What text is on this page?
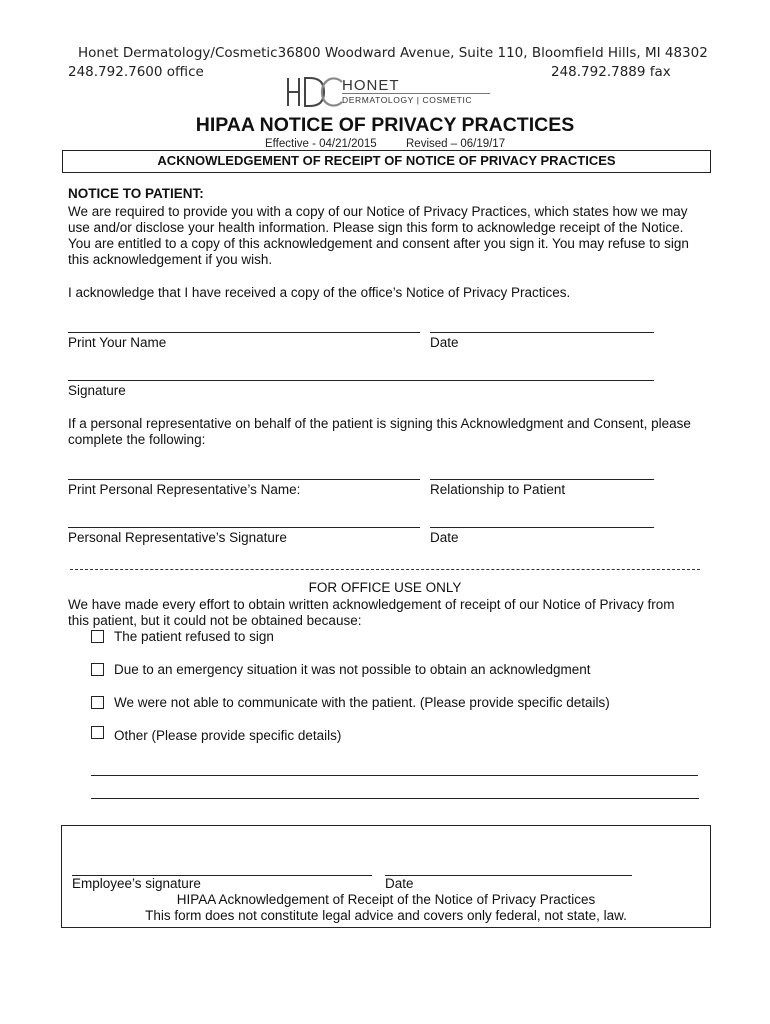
Honet Dermatology/Cosmetic36800 Woodward Avenue, Suite 110, Bloomfield Hills, MI 48302
248.792.7600 office	248.792.7889 fax
HONET
DERMATOLOGY | COSMETIC
HIPAA NOTICE OF PRIVACY PRACTICES
Effective - 04/21/2015	Revised – 06/19/17
ACKNOWLEDGEMENT OF RECEIPT OF NOTICE OF PRIVACY PRACTICES
NOTICE TO PATIENT:
We are required to provide you with a copy of our Notice of Privacy Practices, which states how we may
use and/or disclose your health information. Please sign this form to acknowledge receipt of the Notice.
You are entitled to a copy of this acknowledgement and consent after you sign it. You may refuse to sign
this acknowledgement if you wish.
I acknowledge that I have received a copy of the office’s Notice of Privacy Practices.
Print Your Name	Date
Signature
If a personal representative on behalf of the patient is signing this Acknowledgment and Consent, please
complete the following:
Print Personal Representative’s Name:	Relationship to Patient
Personal Representative’s Signature	Date
FOR OFFICE USE ONLY
We have made every effort to obtain written acknowledgement of receipt of our Notice of Privacy from
this patient, but it could not be obtained because:
The patient refused to sign
Due to an emergency situation it was not possible to obtain an acknowledgment
We were not able to communicate with the patient. (Please provide specific details)
Other (Please provide specific details)
Employee’s signature	Date
HIPAA Acknowledgement of Receipt of the Notice of Privacy Practices
This form does not constitute legal advice and covers only federal, not state, law.
